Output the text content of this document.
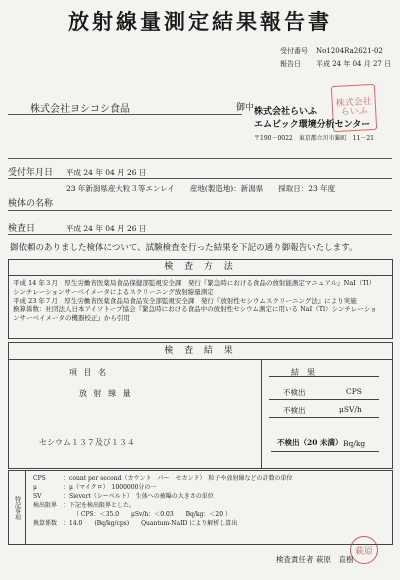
放射線量測定結果報告書
受付番号 No1204Ra2621-02
報告日 平成 24 年 04 月 27 日
株式会社ヨシコシ食品	御中 株式会社らいふ
エムビック環境分析センター
〒190－0022　東京都立川市錦町　11－21
株式会社らいふ
受付年月日 平成 24 年 04 月 26 日
23 年新潟県産大粒３等エンレイ　　産地(製造地)：新潟県　　採取日：23 年度
検体の名称
検査日	平成 24 年 04 月 26 日
御依頼のありました検体について、試験検査を行った結果を下記の通り御報告いたします。
検 査 方 法
平成 14 年３月　厚生労働省医薬局食品保健部監視安全課　発行『緊急時における食品の放射能測定マニュアル』NaI（Tl）
シンチレーションサーベイメータによるスクリーニング放射線量測定
平成 23 年７月　厚生労働省医薬食品局食品安全部監視安全課　発行『放射性セシウムスクリーニング法』により実施
換算係数：社団法人日本アイソトープ協会『緊急時における食品中の放射性セシウム測定に用いる NaI（Tl）シンチレーショ
ンサーベイメータの機器校正』から引用
検 査 結 果
項 目 名	結　果
放 射 線 量	不検出	CPS
不検出	μSV/h
セシウム１３７及び１３４	不検出（20 未満） Bq/kg
特記事項
CPS	：count per second（カウント　パー　セカンド）　粒子や放射線などの計数の単位
μ	：μ（マイクロ）　1000000分の一
SV	：Sievert（シーベルト）　生体への被曝の大きさの単位
検出限界 ：下記を検出限界とした。
（ CPS：＜35.0　　μSv/h：＜0.03　　Bq/kg：＜20 ）
換算係数 ：14.0　　(Bq/kg/cps)　　Quantum-NaID により解析し算出
検査責任者 萩原　直樹
萩原
